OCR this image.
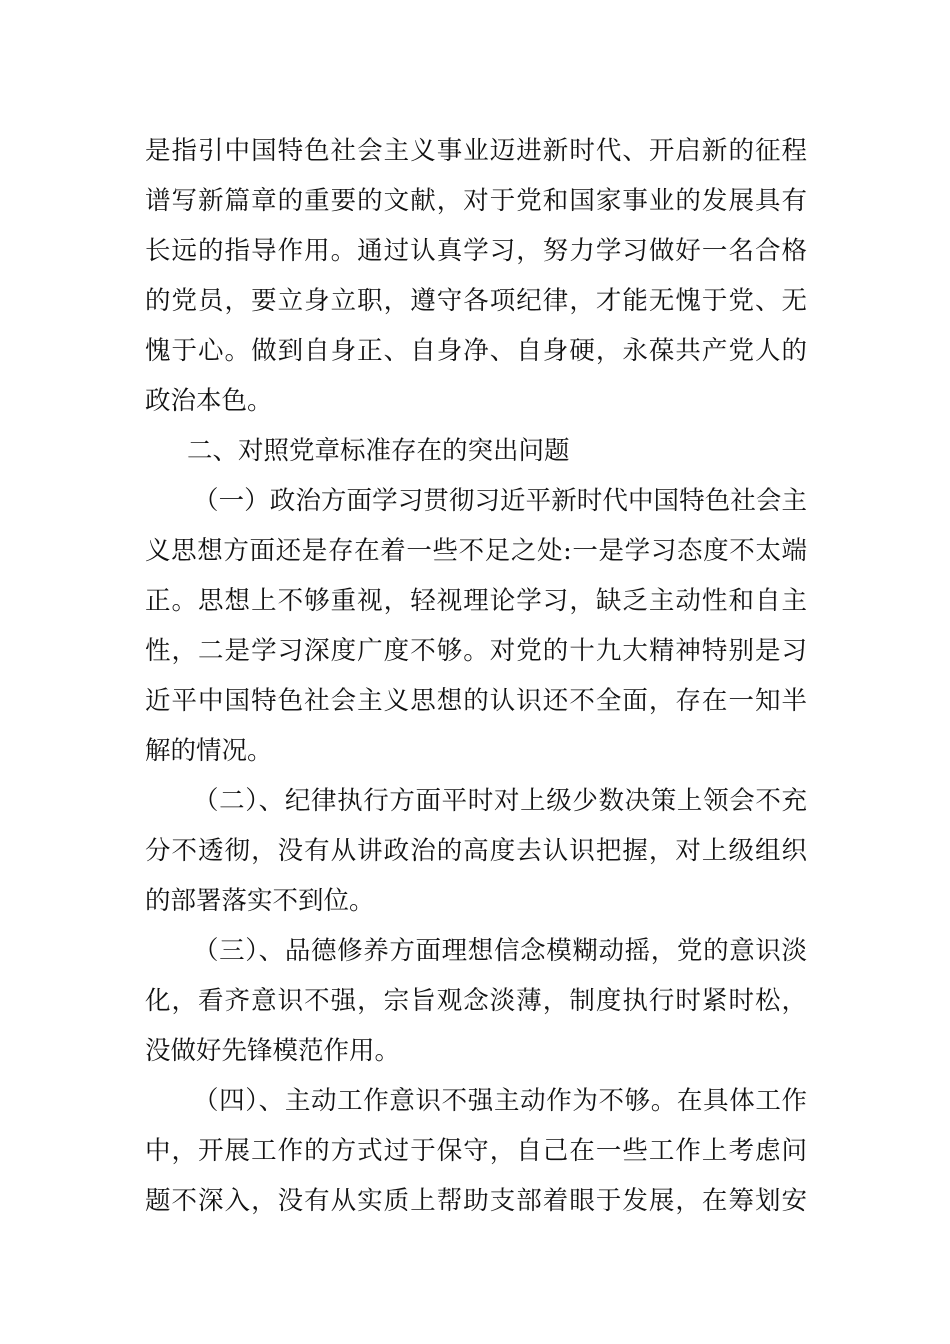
是指引中国特色社会主义事业迈进新时代、开启新的征程
谱写新篇章的重要的文献，对于党和国家事业的发展具有
长远的指导作用。通过认真学习，努力学习做好一名合格
的党员，要立身立职，遵守各项纪律，才能无愧于党、无
愧于心。做到自身正、自身净、自身硬，永葆共产党人的
政治本色。
二、对照党章标准存在的突出问题
（一）政治方面学习贯彻习近平新时代中国特色社会主
义思想方面还是存在着一些不足之处:一是学习态度不太端
正。思想上不够重视，轻视理论学习，缺乏主动性和自主
性，二是学习深度广度不够。对党的十九大精神特别是习
近平中国特色社会主义思想的认识还不全面，存在一知半
解的情况。
（二）、纪律执行方面平时对上级少数决策上领会不充
分不透彻，没有从讲政治的高度去认识把握，对上级组织
的部署落实不到位。
（三）、品德修养方面理想信念模糊动摇，党的意识淡
化，看齐意识不强，宗旨观念淡薄，制度执行时紧时松，
没做好先锋模范作用。
（四）、主动工作意识不强主动作为不够。在具体工作
中，开展工作的方式过于保守，自己在一些工作上考虑问
题不深入，没有从实质上帮助支部着眼于发展，在筹划安
